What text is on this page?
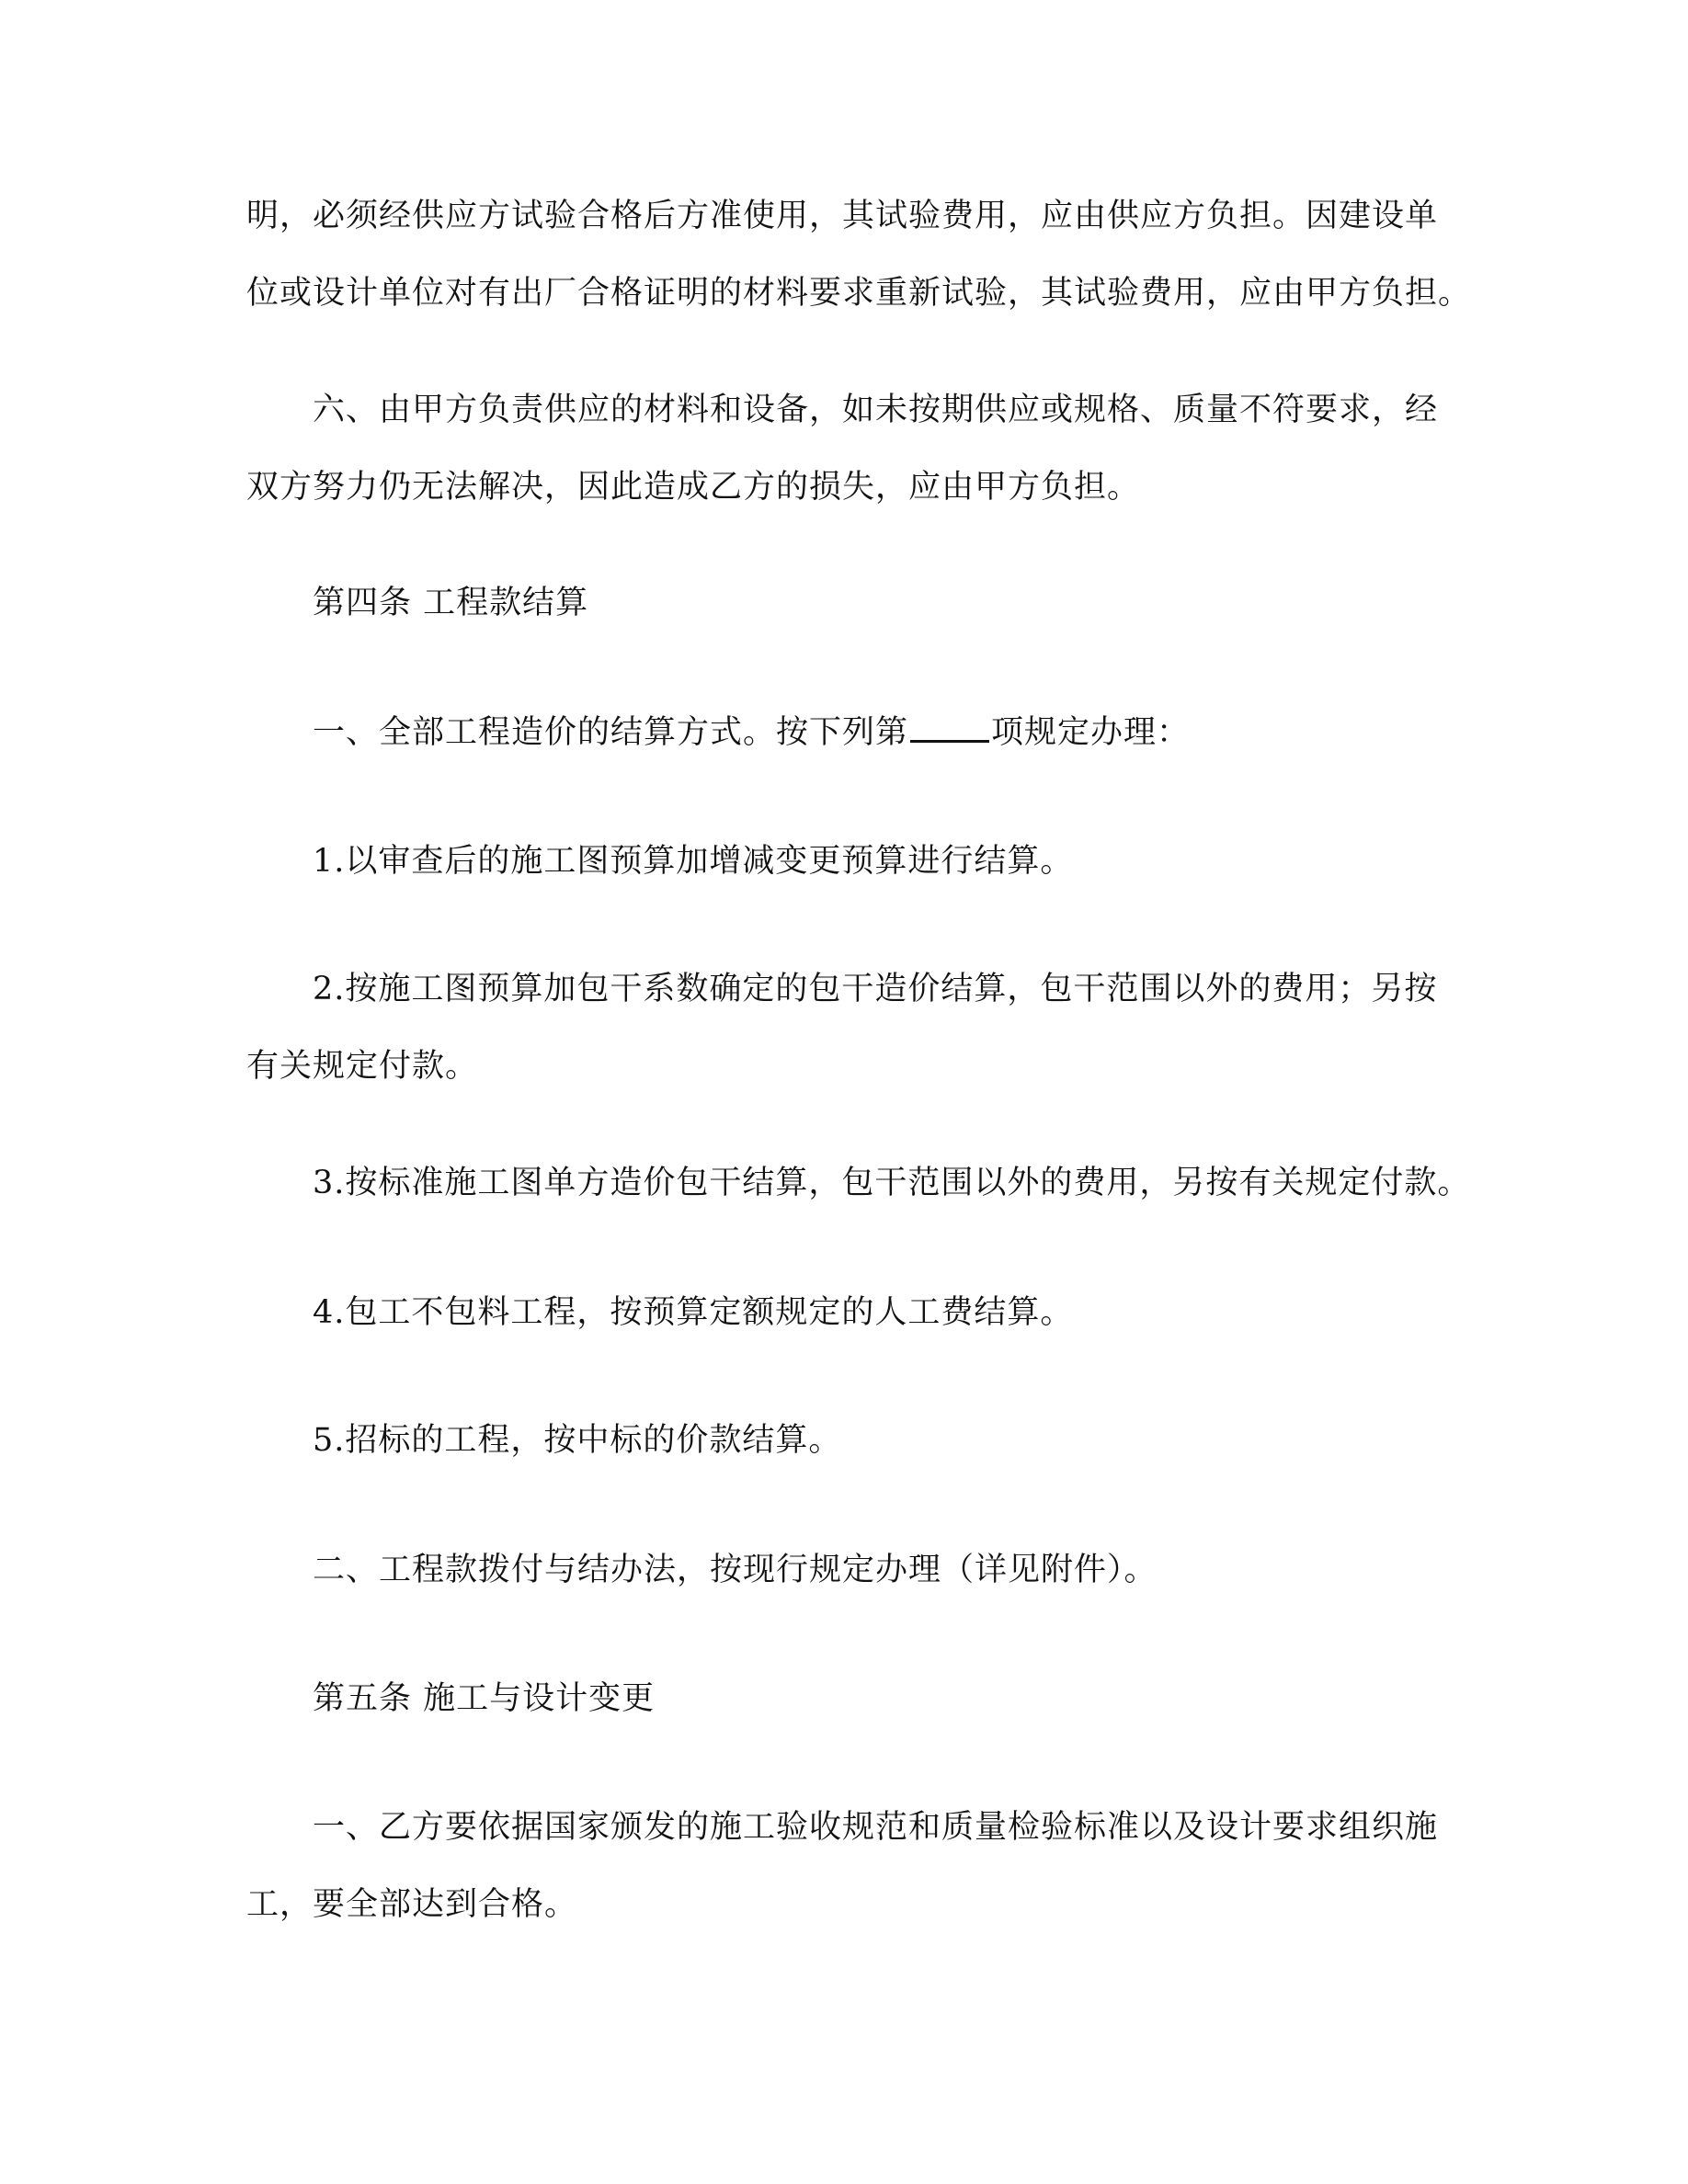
明，必须经供应方试验合格后方准使用，其试验费用，应由供应方负担。因建设单
位或设计单位对有出厂合格证明的材料要求重新试验，其试验费用，应由甲方负担。
六、由甲方负责供应的材料和设备，如未按期供应或规格、质量不符要求，经
双方努力仍无法解决，因此造成乙方的损失，应由甲方负担。
第四条 工程款结算
一、全部工程造价的结算方式。按下列第	项规定办理：
1.以审查后的施工图预算加增减变更预算进行结算。
2.按施工图预算加包干系数确定的包干造价结算，包干范围以外的费用；另按
有关规定付款。
3.按标准施工图单方造价包干结算，包干范围以外的费用，另按有关规定付款。
4.包工不包料工程，按预算定额规定的人工费结算。
5.招标的工程，按中标的价款结算。
二、工程款拨付与结办法，按现行规定办理（详见附件）。
第五条 施工与设计变更
一、乙方要依据国家颁发的施工验收规范和质量检验标准以及设计要求组织施
工，要全部达到合格。
